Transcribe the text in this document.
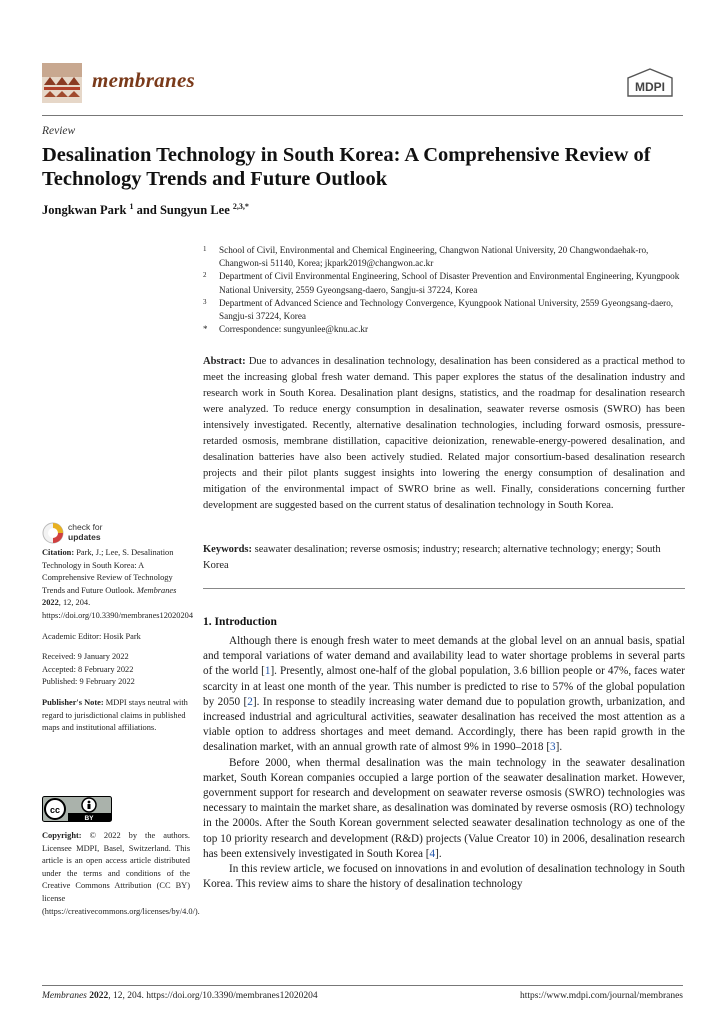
membranes	MDPI
Review
Desalination Technology in South Korea: A Comprehensive Review of Technology Trends and Future Outlook
Jongkwan Park $^1$ and Sungyun Lee $^{2,3,*}$
1 School of Civil, Environmental and Chemical Engineering, Changwon National University, 20 Changwondaehak-ro, Changwon-si 51140, Korea; jkpark2019@changwon.ac.kr
2 Department of Civil Environmental Engineering, School of Disaster Prevention and Environmental Engineering, Kyungpook National University, 2559 Gyeongsang-daero, Sangju-si 37224, Korea
3 Department of Advanced Science and Technology Convergence, Kyungpook National University, 2559 Gyeongsang-daero, Sangju-si 37224, Korea
* Correspondence: sungyunlee@knu.ac.kr
Abstract: Due to advances in desalination technology, desalination has been considered as a practical method to meet the increasing global fresh water demand. This paper explores the status of the desalination industry and research work in South Korea. Desalination plant designs, statistics, and the roadmap for desalination research were analyzed. To reduce energy consumption in desalination, seawater reverse osmosis (SWRO) has been intensively investigated. Recently, alternative desalination technologies, including forward osmosis, pressure-retarded osmosis, membrane distillation, capacitive deionization, renewable-energy-powered desalination, and desalination batteries have also been actively studied. Related major consortium-based desalination research projects and their pilot plants suggest insights into lowering the energy consumption of desalination and mitigation of the environmental impact of SWRO brine as well. Finally, considerations concerning further development are suggested based on the current status of desalination technology in South Korea.
Keywords: seawater desalination; reverse osmosis; industry; research; alternative technology; energy; South Korea
check for
updates

Citation: Park, J.; Lee, S. Desalination Technology in South Korea: A Comprehensive Review of Technology Trends and Future Outlook. Membranes 2022, 12, 204. https://doi.org/10.3390/membranes12020204

Academic Editor: Hosik Park

Received: 9 January 2022

Accepted: 8 February 2022

Published: 9 February 2022

Publisher's Note: MDPI stays neutral with regard to jurisdictional claims in published maps and institutional affiliations.

cc
BY
Copyright: © 2022 by the authors. Licensee MDPI, Basel, Switzerland. This article is an open access article distributed under the terms and conditions of the Creative Commons Attribution (CC BY) license (https://creativecommons.org/licenses/by/4.0/).
1. Introduction

Although there is enough fresh water to meet demands at the global level on an annual basis, spatial and temporal variations of water demand and availability lead to water shortage problems in several parts of the world [1]. Presently, almost one-half of the global population, 3.6 billion people or 47%, faces water scarcity in at least one month of the year. This number is predicted to rise to 57% of the global population by 2050 [2]. In response to steadily increasing water demand due to population growth, urbanization, and increased industrial and agricultural activities, seawater desalination has received the most attention as a viable option to address shortages and meet demand. Accordingly, there has been rapid growth in the desalination market, with an annual growth rate of almost 9% in 1990–2018 [3].

Before 2000, when thermal desalination was the main technology in the seawater desalination market, South Korean companies occupied a large portion of the seawater desalination market. However, government support for research and development on seawater reverse osmosis (SWRO) technologies was necessary to maintain the market share, as desalination was dominated by reverse osmosis (RO) technology in the 2000s. After the South Korean government selected seawater desalination technology as one of the top 10 priority research and development (R&D) projects (Value Creator 10) in 2006, desalination research has been extensively investigated in South Korea [4].

In this review article, we focused on innovations in and evolution of desalination technology in South Korea. This review aims to share the history of desalination technology

Membranes 2022, 12, 204. https://doi.org/10.3390/membranes12020204	https://www.mdpi.com/journal/membranes
